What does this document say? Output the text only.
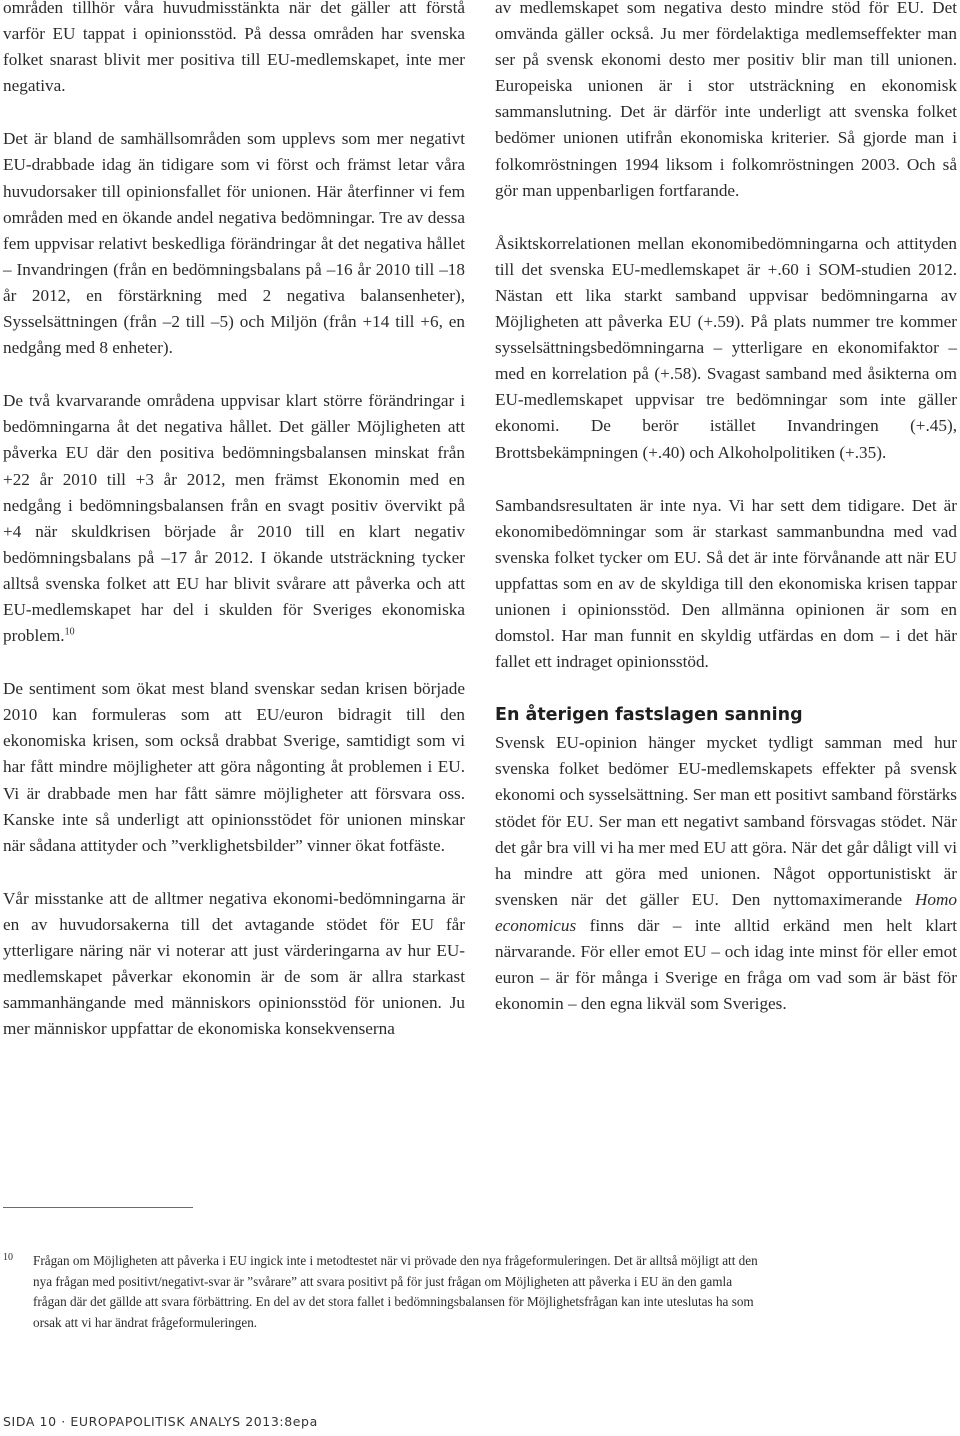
områden tillhör våra huvudmisstänkta när det gäller att förstå varför EU tappat i opinionsstöd. På dessa områden har svenska folket snarast blivit mer positiva till EU-medlemskapet, inte mer negativa.

Det är bland de samhällsområden som upplevs som mer negativt EU-drabbade idag än tidigare som vi först och främst letar våra huvudorsaker till opinionsfallet för unionen. Här återfinner vi fem områden med en ökande andel negativa bedömningar. Tre av dessa fem uppvisar relativt beskedliga förändringar åt det negativa hållet – Invandringen (från en bedömningsbalans på –16 år 2010 till –18 år 2012, en förstärkning med 2 negativa balansenheter), Sysselsättningen (från –2 till –5) och Miljön (från +14 till +6, en nedgång med 8 enheter).

De två kvarvarande områdena uppvisar klart större förändringar i bedömningarna åt det negativa hållet. Det gäller Möjligheten att påverka EU där den positiva bedömningsbalansen minskat från +22 år 2010 till +3 år 2012, men främst Ekonomin med en nedgång i bedömningsbalansen från en svagt positiv övervikt på +4 när skuldkrisen började år 2010 till en klart negativ bedömningsbalans på –17 år 2012. I ökande utsträckning tycker alltså svenska folket att EU har blivit svårare att påverka och att EU-medlemskapet har del i skulden för Sveriges ekonomiska problem.$^{10}$

De sentiment som ökat mest bland svenskar sedan krisen började 2010 kan formuleras som att EU/euron bidragit till den ekonomiska krisen, som också drabbat Sverige, samtidigt som vi har fått mindre möjligheter att göra någonting åt problemen i EU. Vi är drabbade men har fått sämre möjligheter att försvara oss. Kanske inte så underligt att opinionsstödet för unionen minskar när sådana attityder och ”verklighetsbilder” vinner ökat fotfäste.

Vår misstanke att de alltmer negativa ekonomi-bedömningarna är en av huvudorsakerna till det avtagande stödet för EU får ytterligare näring när vi noterar att just värderingarna av hur EU-medlemskapet påverkar ekonomin är de som är allra starkast sammanhängande med människors opinionsstöd för unionen. Ju mer människor uppfattar de ekonomiska konsekvenserna

av medlemskapet som negativa desto mindre stöd för EU. Det omvända gäller också. Ju mer fördelaktiga medlemseffekter man ser på svensk ekonomi desto mer positiv blir man till unionen. Europeiska unionen är i stor utsträckning en ekonomisk sammanslutning. Det är därför inte underligt att svenska folket bedömer unionen utifrån ekonomiska kriterier. Så gjorde man i folkomröstningen 1994 liksom i folkomröstningen 2003. Och så gör man uppenbarligen fortfarande.

Åsiktskorrelationen mellan ekonomibedömningarna och attityden till det svenska EU-medlemskapet är +.60 i SOM-studien 2012. Nästan ett lika starkt samband uppvisar bedömningarna av Möjligheten att påverka EU (+.59). På plats nummer tre kommer sysselsättningsbedömningarna – ytterligare en ekonomifaktor – med en korrelation på (+.58). Svagast samband med åsikterna om EU-medlemskapet uppvisar tre bedömningar som inte gäller ekonomi. De berör istället Invandringen (+.45), Brottsbekämpningen (+.40) och Alkoholpolitiken (+.35).

Sambandsresultaten är inte nya. Vi har sett dem tidigare. Det är ekonomibedömningar som är starkast sammanbundna med vad svenska folket tycker om EU. Så det är inte förvånande att när EU uppfattas som en av de skyldiga till den ekonomiska krisen tappar unionen i opinionsstöd. Den allmänna opinionen är som en domstol. Har man funnit en skyldig utfärdas en dom – i det här fallet ett indraget opinionsstöd.

En återigen fastslagen sanning

Svensk EU-opinion hänger mycket tydligt samman med hur svenska folket bedömer EU-medlemskapets effekter på svensk ekonomi och sysselsättning. Ser man ett positivt samband förstärks stödet för EU. Ser man ett negativt samband försvagas stödet. När det går bra vill vi ha mer med EU att göra. När det går dåligt vill vi ha mindre att göra med unionen. Något opportunistiskt är svensken när det gäller EU. Den nyttomaximerande Homo economicus finns där – inte alltid erkänd men helt klart närvarande. För eller emot EU – och idag inte minst för eller emot euron – är för många i Sverige en fråga om vad som är bäst för ekonomin – den egna likväl som Sveriges.

10 Frågan om Möjligheten att påverka i EU ingick inte i metodtestet när vi prövade den nya frågeformuleringen. Det är alltså möjligt att den nya frågan med positivt/negativt-svar är ”svårare” att svara positivt på för just frågan om Möjligheten att påverka i EU än den gamla frågan där det gällde att svara förbättring. En del av det stora fallet i bedömningsbalansen för Möjlighetsfrågan kan inte uteslutas ha som orsak att vi har ändrat frågeformuleringen.
SIDA 10 · EUROPAPOLITISK ANALYS 2013:8epa
